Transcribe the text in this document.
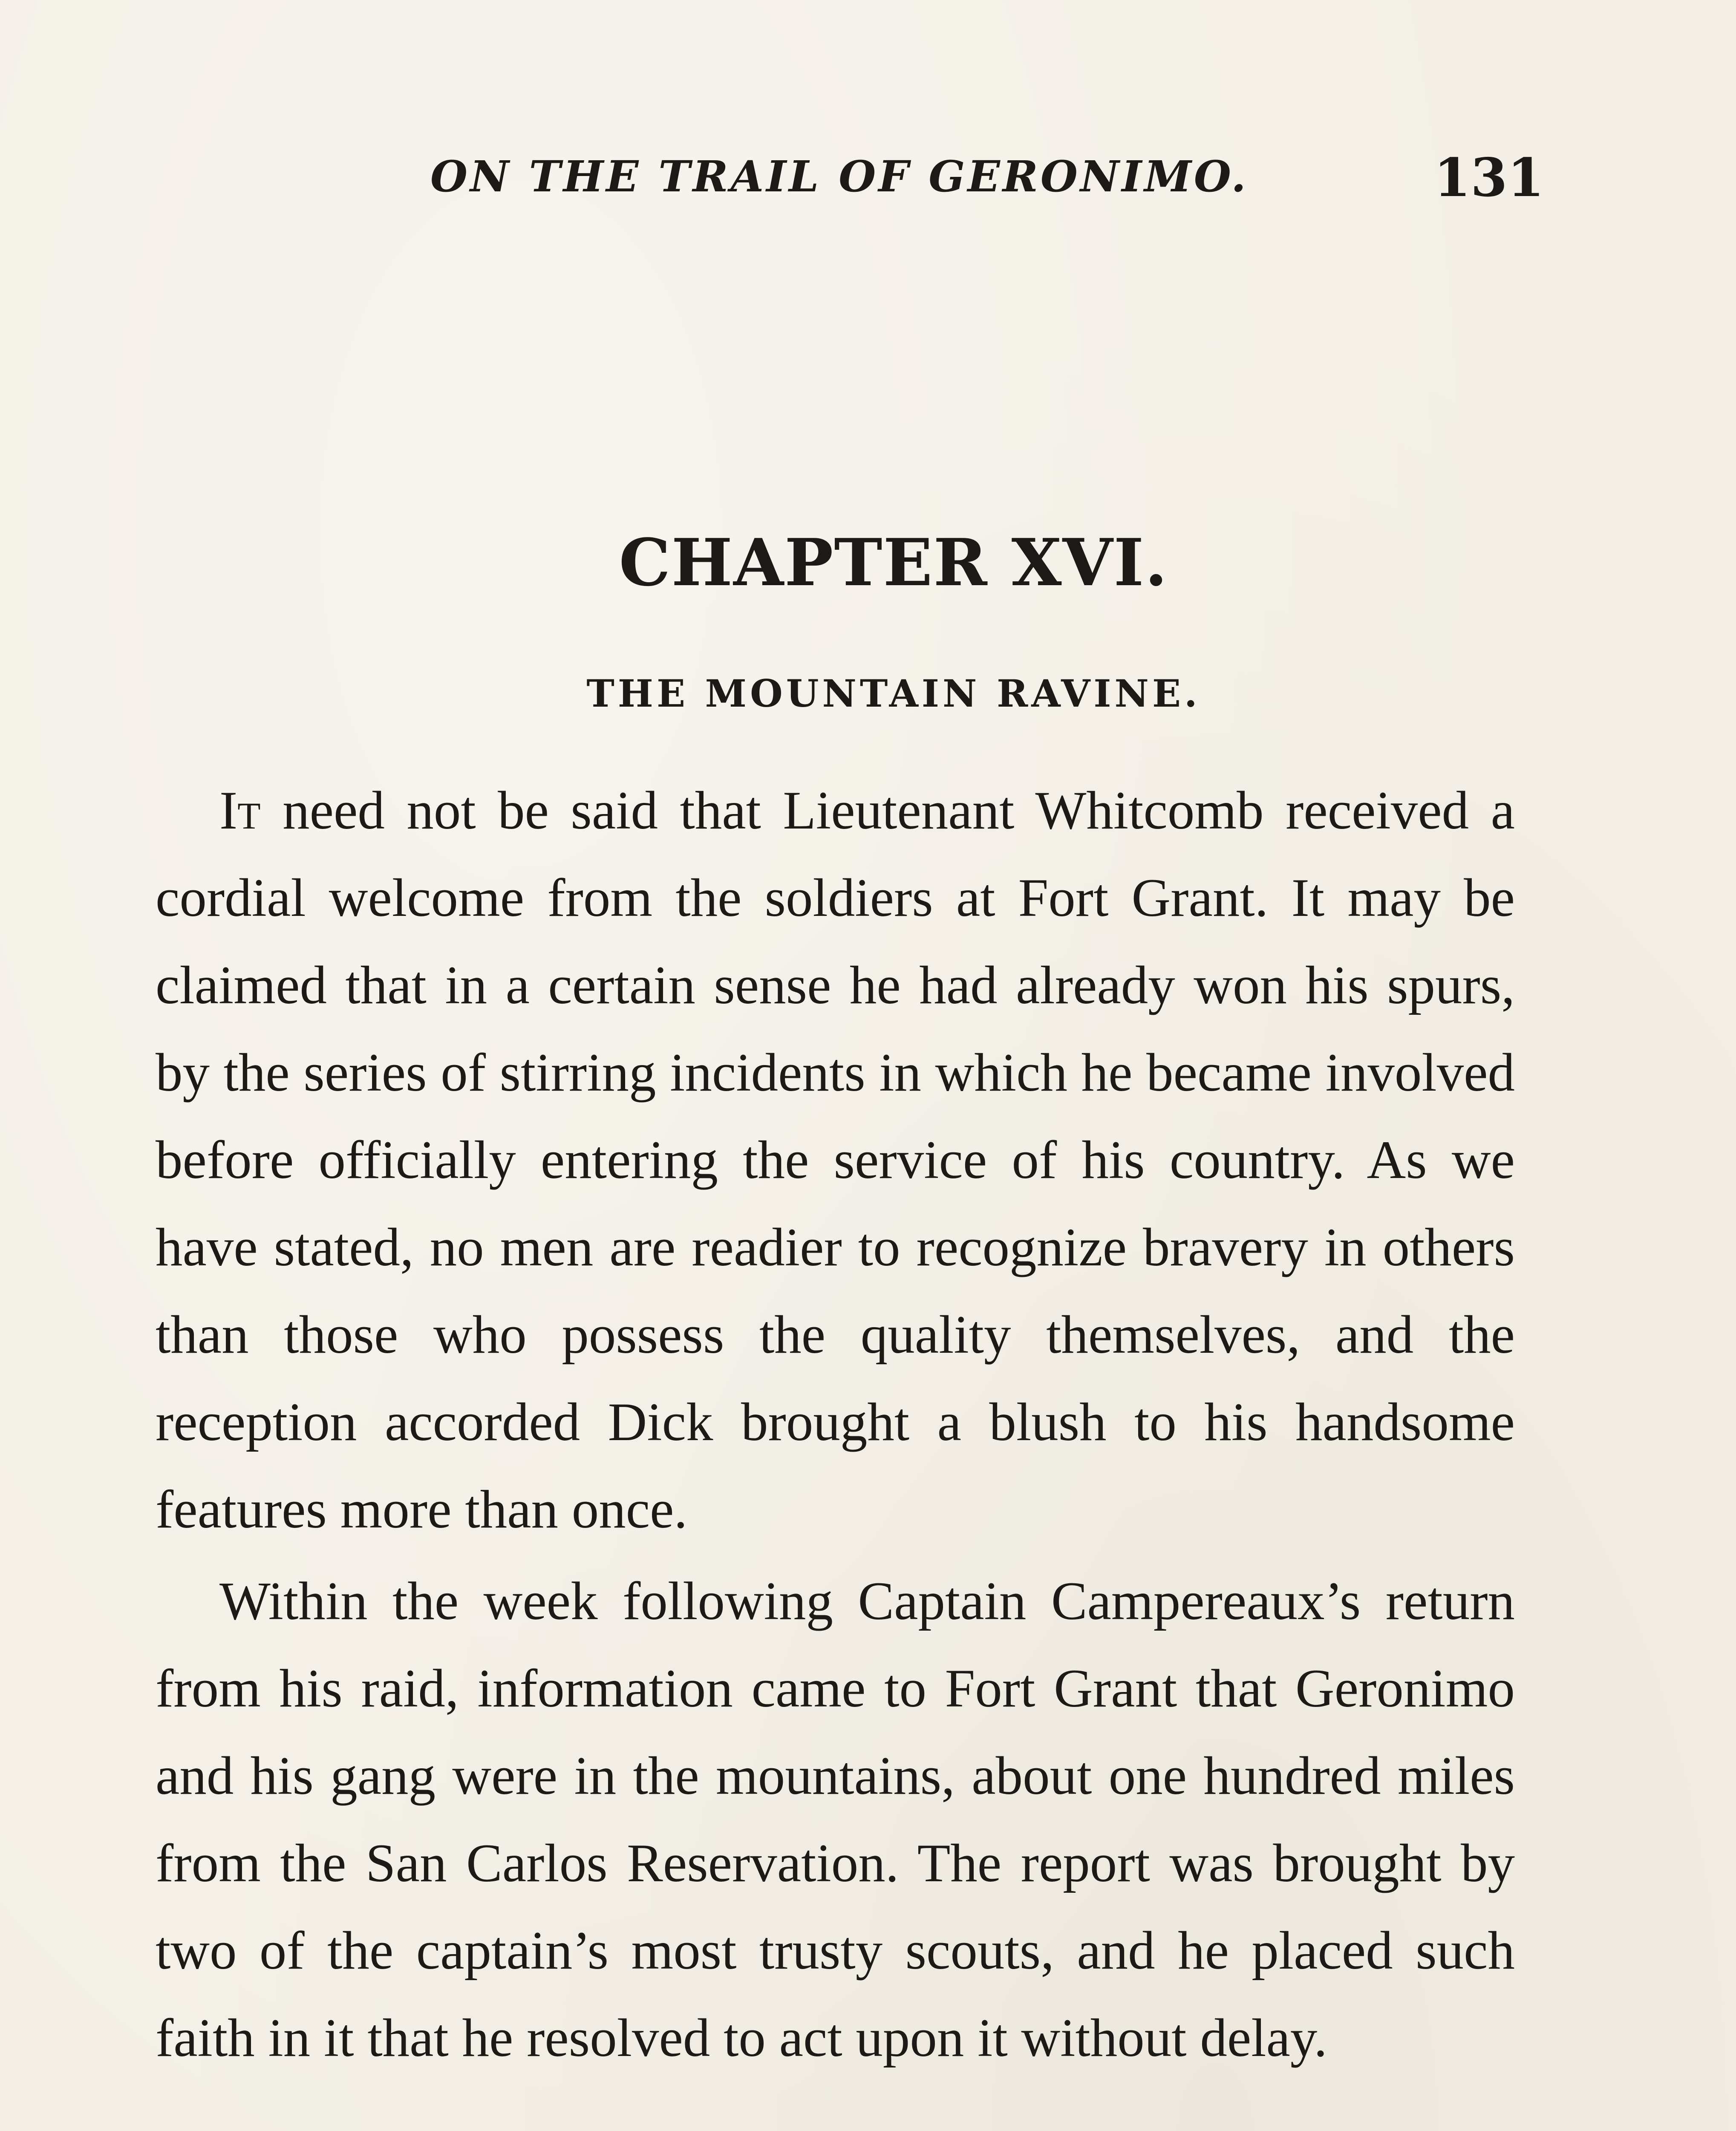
ON THE TRAIL OF GERONIMO.	131
CHAPTER XVI.
THE MOUNTAIN RAVINE.

It need not be said that Lieutenant Whitcomb received a cordial welcome from the soldiers at Fort Grant. It may be claimed that in a certain sense he had already won his spurs, by the series of stirring incidents in which he became involved before officially entering the service of his country. As we have stated, no men are readier to recognize bravery in others than those who possess the quality themselves, and the reception accorded Dick brought a blush to his handsome features more than once.

Within the week following Captain Campereaux’s return from his raid, information came to Fort Grant that Geronimo and his gang were in the mountains, about one hundred miles from the San Carlos Reservation. The report was brought by two of the captain’s most trusty scouts, and he placed such faith in it that he resolved to act upon it without delay.
